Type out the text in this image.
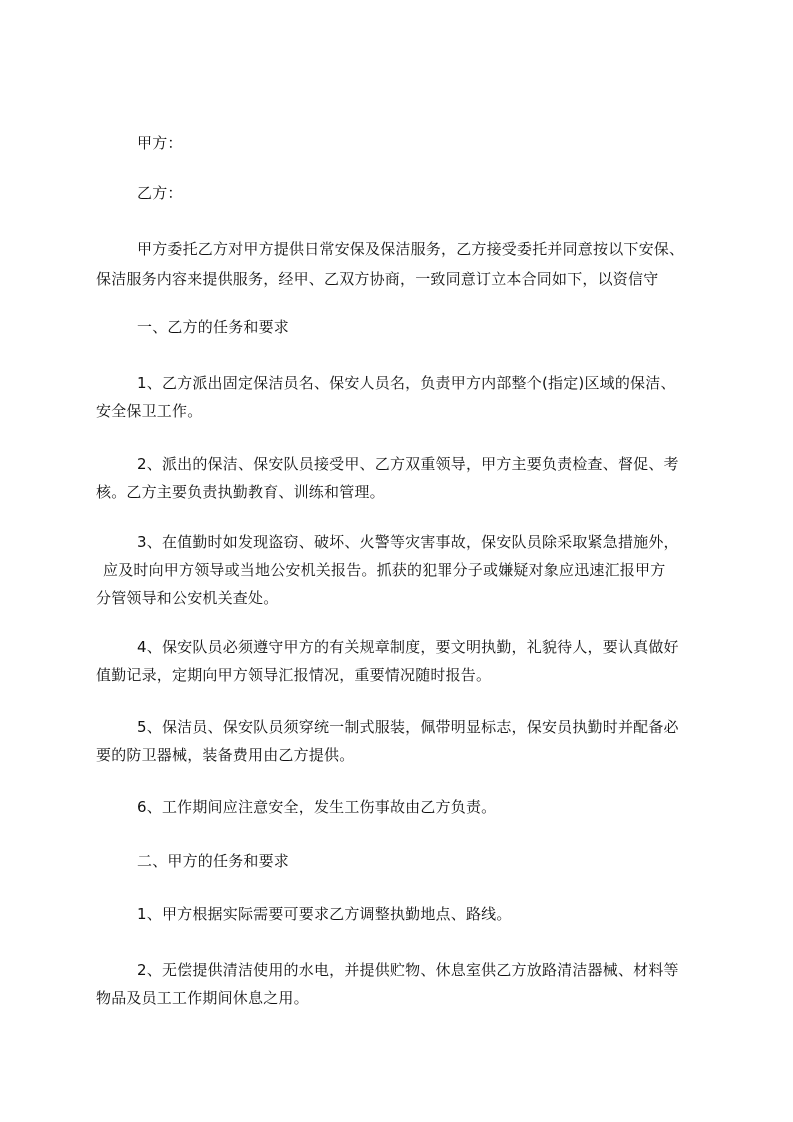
甲方：

乙方：

甲方委托乙方对甲方提供日常安保及保洁服务，乙方接受委托并同意按以下安保、

保洁服务内容来提供服务，经甲、乙双方协商，一致同意订立本合同如下，以资信守

一、乙方的任务和要求

1、乙方派出固定保洁员名、保安人员名，负责甲方内部整个(指定)区域的保洁、

安全保卫工作。

2、派出的保洁、保安队员接受甲、乙方双重领导，甲方主要负责检查、督促、考

核。乙方主要负责执勤教育、训练和管理。

3、在值勤时如发现盗窃、破坏、火警等灾害事故，保安队员除采取紧急措施外，

应及时向甲方领导或当地公安机关报告。抓获的犯罪分子或嫌疑对象应迅速汇报甲方

分管领导和公安机关查处。

4、保安队员必须遵守甲方的有关规章制度，要文明执勤，礼貌待人，要认真做好

值勤记录，定期向甲方领导汇报情况，重要情况随时报告。

5、保洁员、保安队员须穿统一制式服装，佩带明显标志，保安员执勤时并配备必

要的防卫器械，装备费用由乙方提供。

6、工作期间应注意安全，发生工伤事故由乙方负责。

二、甲方的任务和要求

1、甲方根据实际需要可要求乙方调整执勤地点、路线。

2、无偿提供清洁使用的水电，并提供贮物、休息室供乙方放路清洁器械、材料等

物品及员工工作期间休息之用。
